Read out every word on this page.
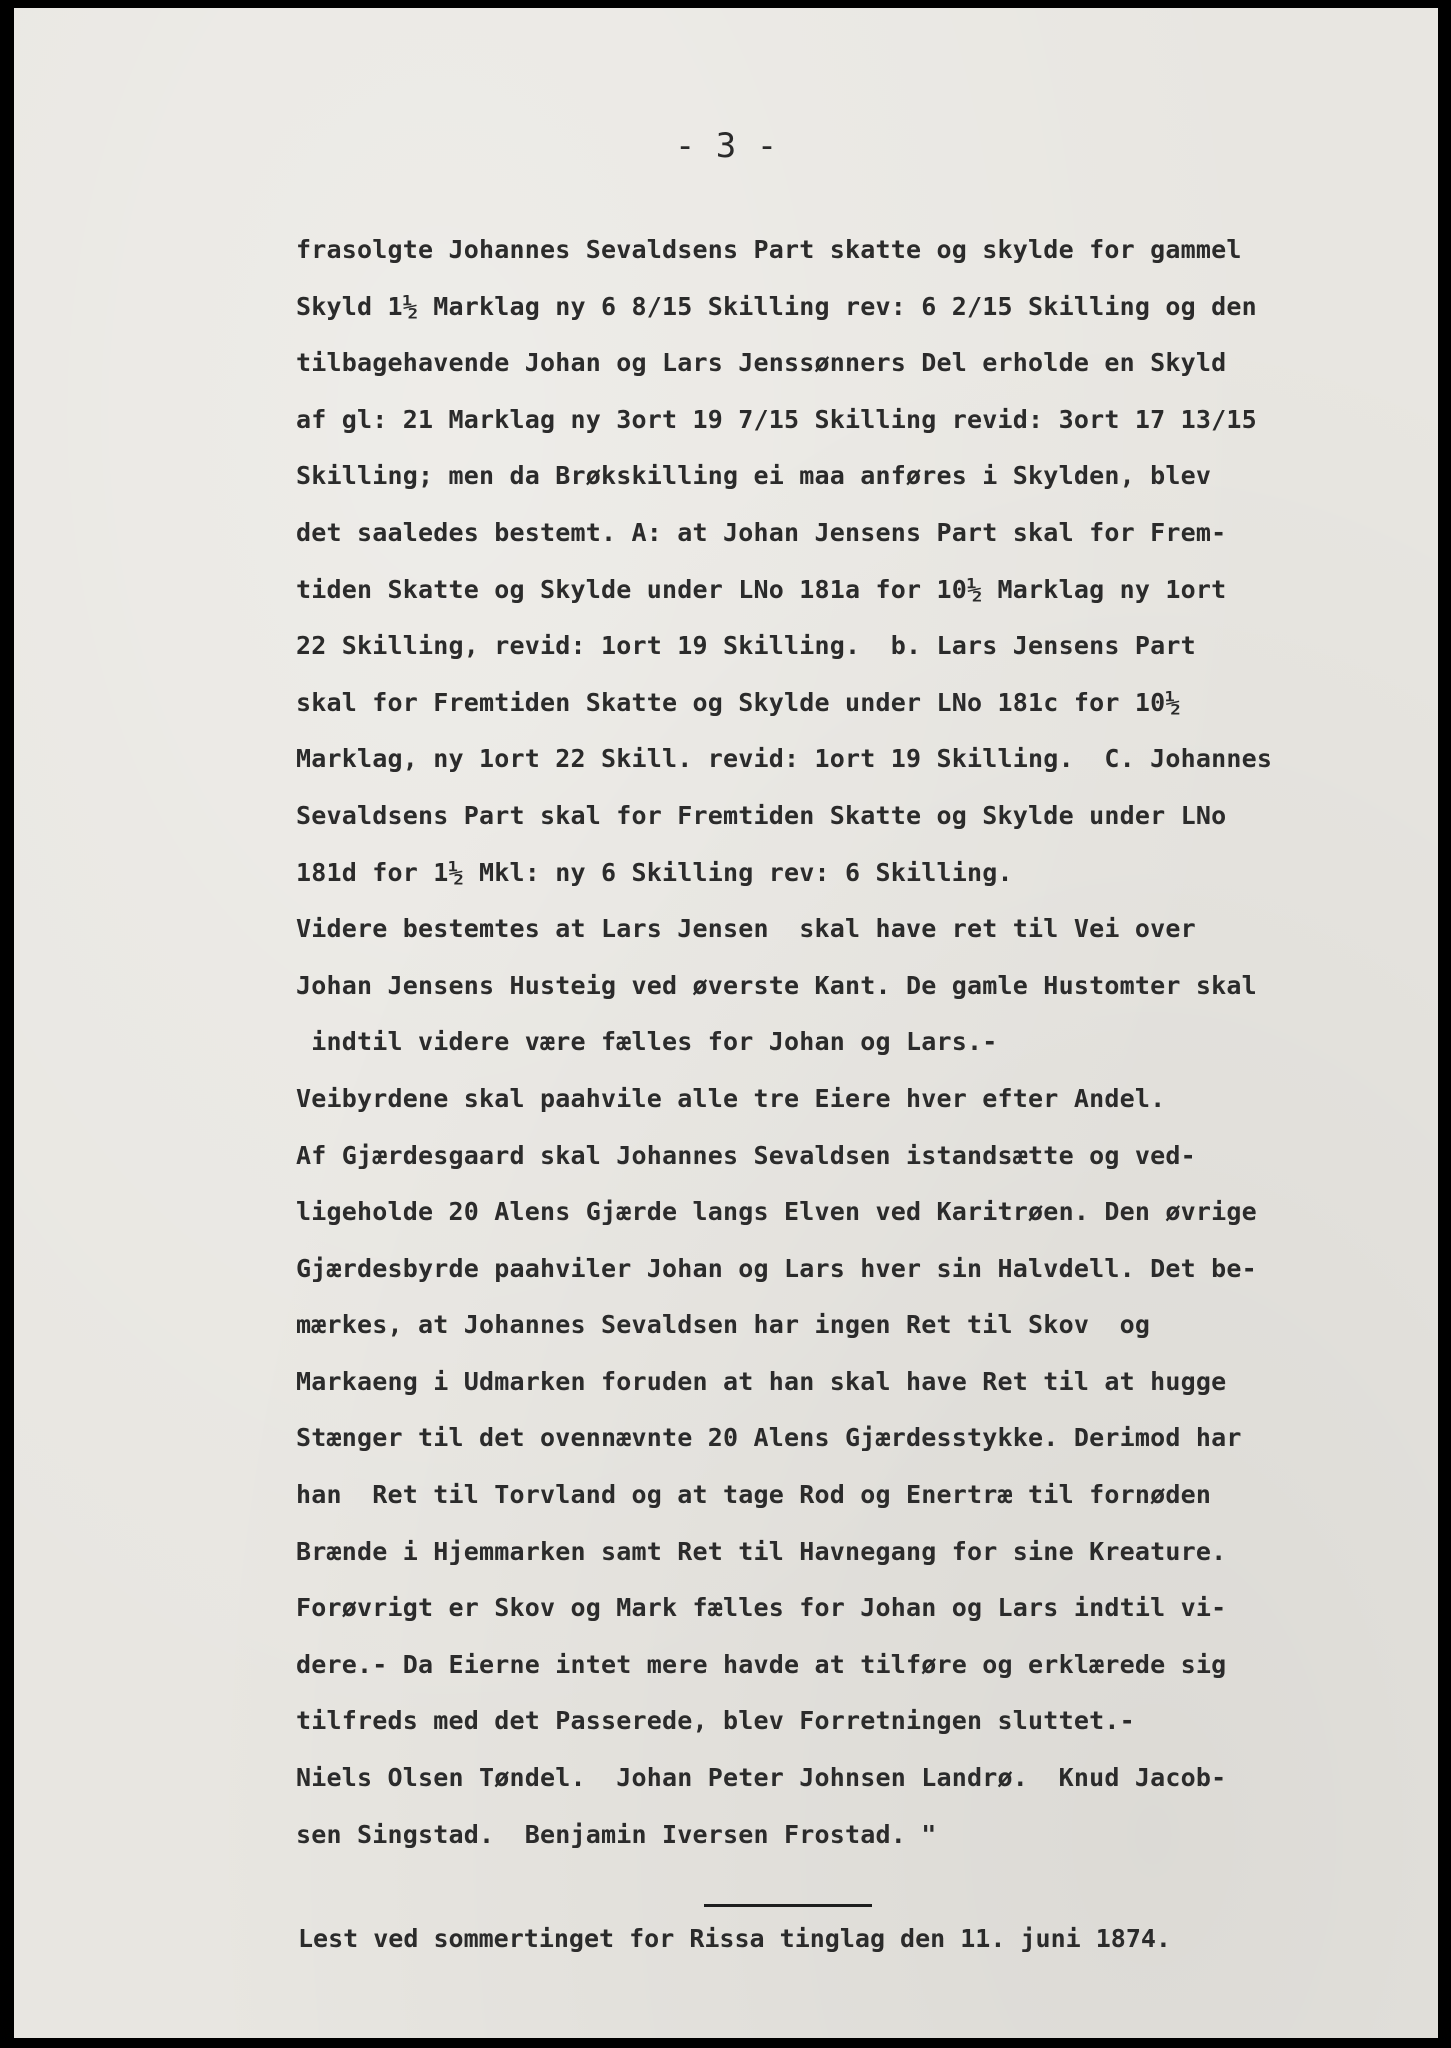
- 3 -
frasolgte Johannes Sevaldsens Part skatte og skylde for gammel
Skyld 1½ Marklag ny 6 8/15 Skilling rev: 6 2/15 Skilling og den
tilbagehavende Johan og Lars Jenssønners Del erholde en Skyld
af gl: 21 Marklag ny 3ort 19 7/15 Skilling revid: 3ort 17 13/15
Skilling; men da Brøkskilling ei maa anføres i Skylden, blev
det saaledes bestemt. A: at Johan Jensens Part skal for Frem-
tiden Skatte og Skylde under LNo 181a for 10½ Marklag ny 1ort
22 Skilling, revid: 1ort 19 Skilling.  b. Lars Jensens Part
skal for Fremtiden Skatte og Skylde under LNo 181c for 10½
Marklag, ny 1ort 22 Skill. revid: 1ort 19 Skilling.  C. Johannes
Sevaldsens Part skal for Fremtiden Skatte og Skylde under LNo
181d for 1½ Mkl: ny 6 Skilling rev: 6 Skilling.
Videre bestemtes at Lars Jensen  skal have ret til Vei over
Johan Jensens Husteig ved øverste Kant. De gamle Hustomter skal
indtil videre være fælles for Johan og Lars.-
Veibyrdene skal paahvile alle tre Eiere hver efter Andel.
Af Gjærdesgaard skal Johannes Sevaldsen istandsætte og ved-
ligeholde 20 Alens Gjærde langs Elven ved Karitrøen. Den øvrige
Gjærdesbyrde paahviler Johan og Lars hver sin Halvdell. Det be-
mærkes, at Johannes Sevaldsen har ingen Ret til Skov  og
Markaeng i Udmarken foruden at han skal have Ret til at hugge
Stænger til det ovennævnte 20 Alens Gjærdesstykke. Derimod har
han  Ret til Torvland og at tage Rod og Enertræ til fornøden
Brænde i Hjemmarken samt Ret til Havnegang for sine Kreature.
Forøvrigt er Skov og Mark fælles for Johan og Lars indtil vi-
dere.- Da Eierne intet mere havde at tilføre og erklærede sig
tilfreds med det Passerede, blev Forretningen sluttet.-
Niels Olsen Tøndel.  Johan Peter Johnsen Landrø.  Knud Jacob-
sen Singstad.  Benjamin Iversen Frostad. "
Lest ved sommertinget for Rissa tinglag den 11. juni 1874.
